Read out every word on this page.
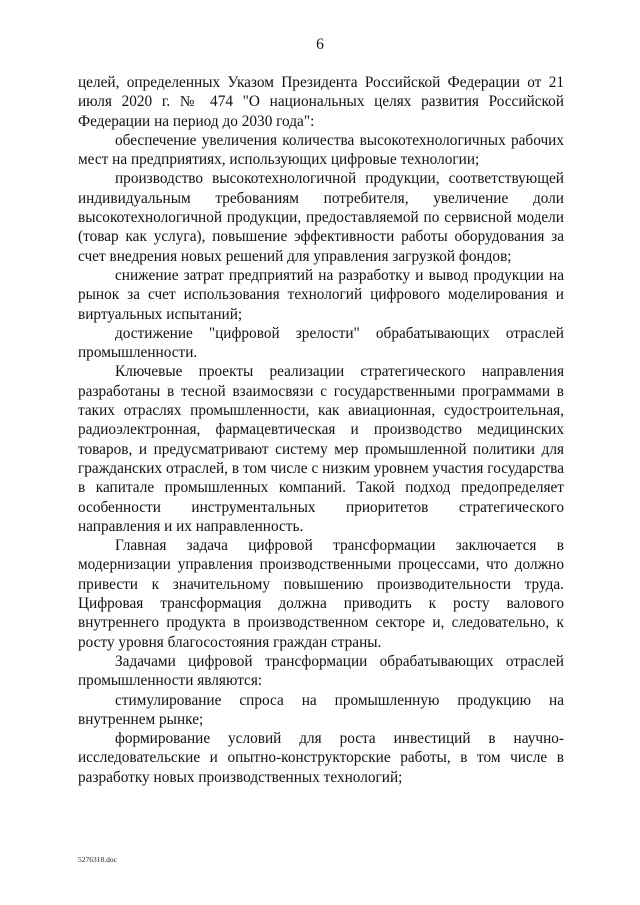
6

целей, определенных Указом Президента Российской Федерации от 21 июля 2020 г. № 474 "О национальных целях развития Российской Федерации на период до 2030 года":

обеспечение увеличения количества высокотехнологичных рабочих мест на предприятиях, использующих цифровые технологии;

производство высокотехнологичной продукции, соответствующей индивидуальным требованиям потребителя, увеличение доли высокотехнологичной продукции, предоставляемой по сервисной модели (товар как услуга), повышение эффективности работы оборудования за счет внедрения новых решений для управления загрузкой фондов;

снижение затрат предприятий на разработку и вывод продукции на рынок за счет использования технологий цифрового моделирования и виртуальных испытаний;

достижение "цифровой зрелости" обрабатывающих отраслей промышленности.

Ключевые проекты реализации стратегического направления разработаны в тесной взаимосвязи с государственными программами в таких отраслях промышленности, как авиационная, судостроительная, радиоэлектронная, фармацевтическая и производство медицинских товаров, и предусматривают систему мер промышленной политики для гражданских отраслей, в том числе с низким уровнем участия государства в капитале промышленных компаний. Такой подход предопределяет особенности инструментальных приоритетов стратегического направления и их направленность.

Главная задача цифровой трансформации заключается в модернизации управления производственными процессами, что должно привести к значительному повышению производительности труда. Цифровая трансформация должна приводить к росту валового внутреннего продукта в производственном секторе и, следовательно, к росту уровня благосостояния граждан страны.

Задачами цифровой трансформации обрабатывающих отраслей промышленности являются:

стимулирование спроса на промышленную продукцию на внутреннем рынке;

формирование условий для роста инвестиций в научно-исследовательские и опытно-конструкторские работы, в том числе в разработку новых производственных технологий;

5276318.doc
